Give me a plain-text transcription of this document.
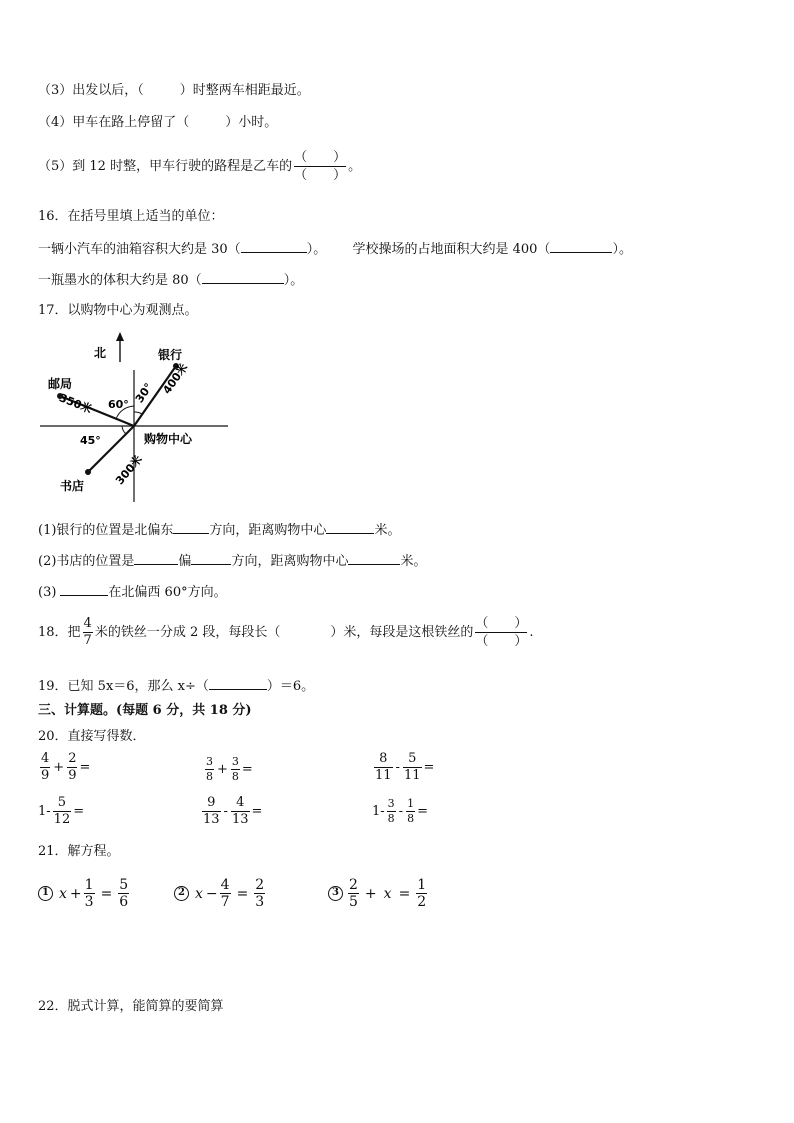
（3）出发以后，（	）时整两车相距最近。
（4）甲车在路上停留了（	）小时。
（5）到 12 时整，甲车行驶的路程是乙车的 $\frac{( )}{( )}$ 。
16．在括号里填上适当的单位：
一辆小汽车的油箱容积大约是 30（	）。 学校操场的占地面积大约是 400（	）。
一瓶墨水的体积大约是 80（	）。
17．以购物中心为观测点。
北	银行
邮局
书店
购物中心
60° 30°
45°
400米
350米
300米
(1)银行的位置是北偏东	方向，距离购物中心	米。
(2)书店的位置是	偏	方向，距离购物中心	米。
(3)	在北偏西 60°方向。
18．把 $\frac{4}{7}$ 米的铁丝一分成 2 段，每段长（	）米，每段是这根铁丝的 $\frac{( )}{( )}$ .
19．已知 5x＝6，那么 x÷（	）＝6。
三、计算题。(每题 6 分，共 18 分)
20．直接写得数．
$\frac{4}{9} + \frac{2}{9}$ =	$\frac{3}{8} + \frac{3}{8}$ =	$\frac{8}{11} - \frac{5}{11}$ =
$1- \frac{5}{12}$ =	$\frac{9}{13} - \frac{4}{13}$ =	$1- \frac{3}{8} - \frac{1}{8}$ =
21．解方程。
1 $x + \frac{1}{3} = \frac{5}{6}$	2 $x - \frac{4}{7} = \frac{2}{3}$	$3 \frac{2}{5} + x = \frac{1}{2}$
22．脱式计算，能简算的要简算
